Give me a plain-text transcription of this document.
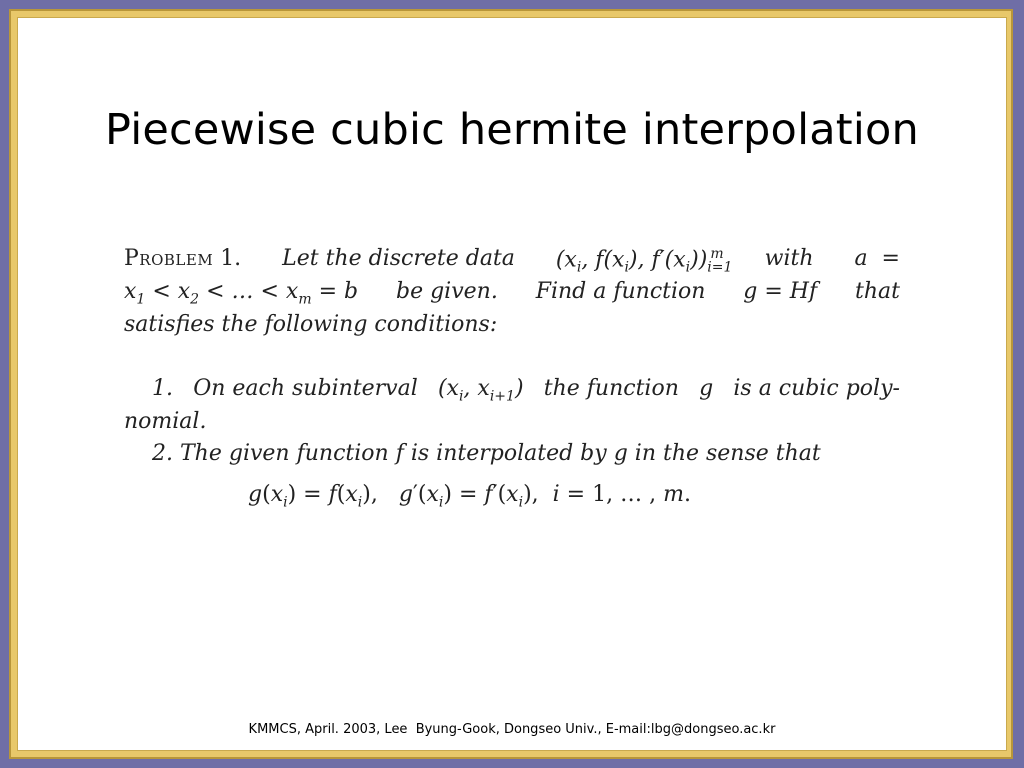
Piecewise cubic hermite interpolation
Problem 1. Let the discrete data ($x_i$, $f(x_i)$, $f'(x_i))_{i=1}^m$ with a  =
$x_1 < x_2$ < … < $x_m = b$ be given. Find a function g = Hf that
satisfies the following conditions:
1. On each subinterval ($x_i$, $x_{i+1}$) the function g is a cubic poly-
nomial.
2. The given function f is interpolated by g in the sense that
$g(x_i) = f(x_i)$,   $g'(x_i) = f'(x_i)$,  i = 1, … , m.
KMMCS, April. 2003, Lee  Byung-Gook, Dongseo Univ., E-mail:lbg@dongseo.ac.kr
